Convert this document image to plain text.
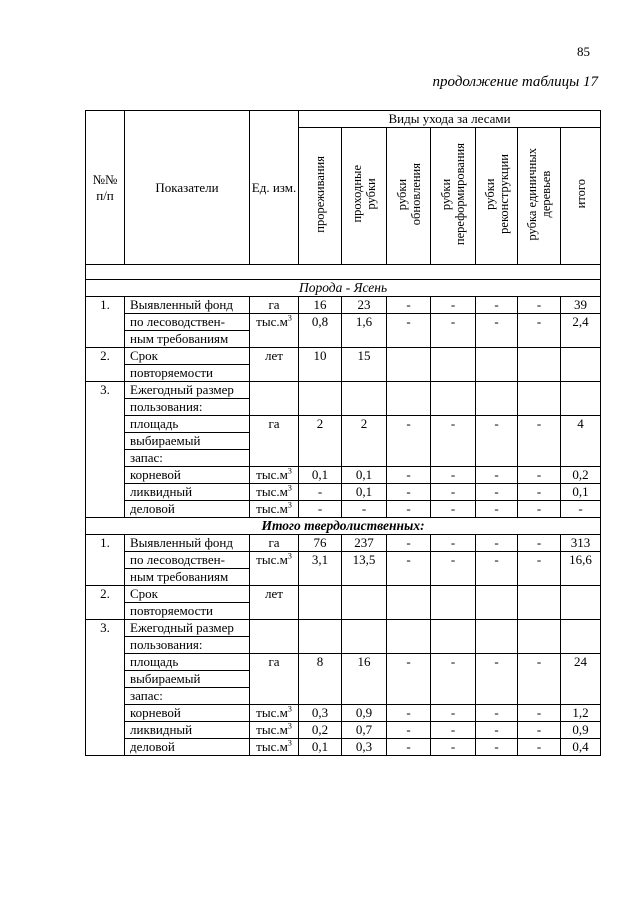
85
продолжение таблицы 17
№№ п/п	Показатели	Ед. изм.	Виды ухода за лесами						

			прореживания	проходные рубки	рубки обновления	рубки переформирования	рубки реконструкции	рубка единичных деревьев	итого

Порода - Ясень									
1.	Выявленный фонд	га	16	23	-	-	-	-	39
	по лесоводствен-	$тыс.м^3$	0,8	1,6	-	-	-	-	2,4
	ным требованиям								
2.	Срок	лет	10	15					
	повторяемости								
3.	Ежегодный размер								
	пользования:								
	площадь	га	2	2	-	-	-	-	4
	выбираемый								
	запас:								
	корневой	$тыс.м^3$	0,1	0,1	-	-	-	-	0,2
	ликвидный	$тыс.м^3$	-	0,1	-	-	-	-	0,1
	деловой	$тыс.м^3$	-	-	-	-	-	-	-
Итого твердолиственных:									
1.	Выявленный фонд	га	76	237	-	-	-	-	313
	по лесоводствен-	$тыс.м^3$	3,1	13,5	-	-	-	-	16,6
	ным требованиям								
2.	Срок	лет							
	повторяемости								
3.	Ежегодный размер								
	пользования:								
	площадь	га	8	16	-	-	-	-	24
	выбираемый								
	запас:								
	корневой	$тыс.м^3$	0,3	0,9	-	-	-	-	1,2
	ликвидный	$тыс.м^3$	0,2	0,7	-	-	-	-	0,9
	деловой	$тыс.м^3$	0,1	0,3	-	-	-	-	0,4
